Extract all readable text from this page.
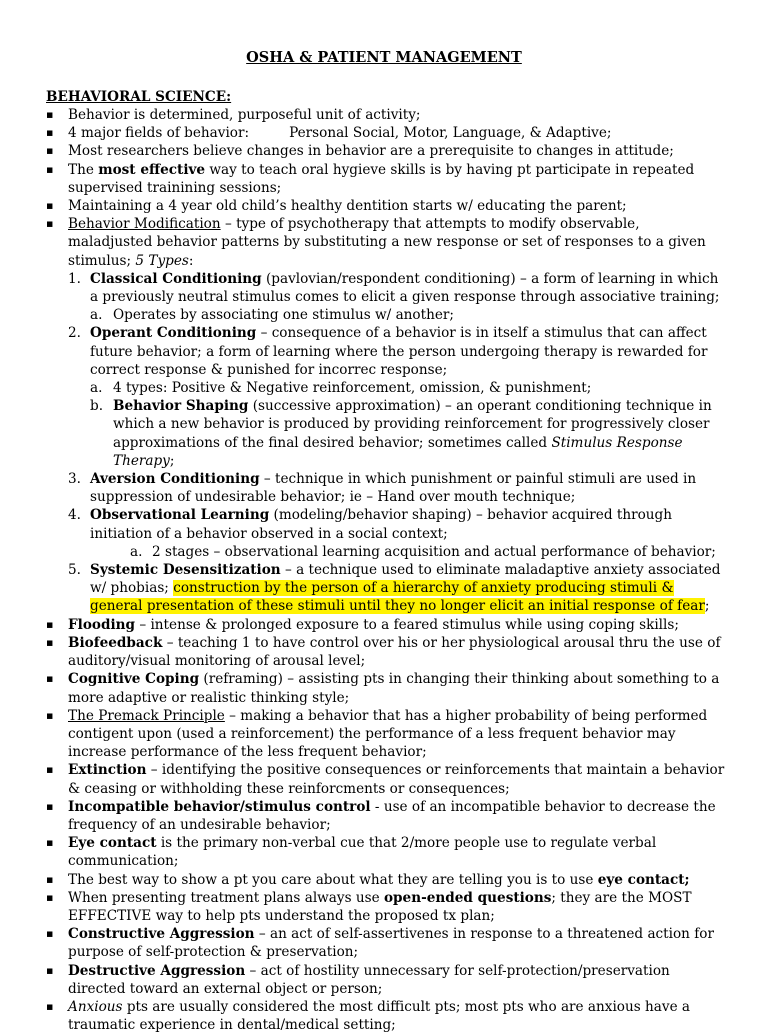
OSHA & PATIENT MANAGEMENT
BEHAVIORAL SCIENCE:
▪ Behavior is determined, purposeful unit of activity;
▪ 4 major fields of behavior:	Personal Social, Motor, Language, & Adaptive;
▪ Most researchers believe changes in behavior are a prerequisite to changes in attitude;
▪ The most effective way to teach oral hygieve skills is by having pt participate in repeated supervised trainining sessions;
▪ Maintaining a 4 year old child’s healthy dentition starts w/ educating the parent;
▪ Behavior Modification – type of psychotherapy that attempts to modify observable, maladjusted behavior patterns by substituting a new response or set of responses to a given stimulus; 5 Types:
1. Classical Conditioning (pavlovian/respondent conditioning) – a form of learning in which a previously neutral stimulus comes to elicit a given response through associative training;
a. Operates by associating one stimulus w/ another;
2. Operant Conditioning – consequence of a behavior is in itself a stimulus that can affect future behavior; a form of learning where the person undergoing therapy is rewarded for correct response & punished for incorrec response;
a. 4 types: Positive & Negative reinforcement, omission, & punishment;
b. Behavior Shaping (successive approximation) – an operant conditioning technique in which a new behavior is produced by providing reinforcement for progressively closer approximations of the final desired behavior; sometimes called Stimulus Response Therapy;
3. Aversion Conditioning – technique in which punishment or painful stimuli are used in suppression of undesirable behavior; ie – Hand over mouth technique;
4. Observational Learning (modeling/behavior shaping) – behavior acquired through initiation of a behavior observed in a social context;
a. 2 stages – observational learning acquisition and actual performance of behavior;
5. Systemic Desensitization – a technique used to eliminate maladaptive anxiety associated w/ phobias; construction by the person of a hierarchy of anxiety producing stimuli & general presentation of these stimuli until they no longer elicit an initial response of fear;
▪ Flooding – intense & prolonged exposure to a feared stimulus while using coping skills;
▪ Biofeedback – teaching 1 to have control over his or her physiological arousal thru the use of auditory/visual monitoring of arousal level;
▪ Cognitive Coping (reframing) – assisting pts in changing their thinking about something to a more adaptive or realistic thinking style;
▪ The Premack Principle – making a behavior that has a higher probability of being performed contigent upon (used a reinforcement) the performance of a less frequent behavior may increase performance of the less frequent behavior;
▪ Extinction – identifying the positive consequences or reinforcements that maintain a behavior & ceasing or withholding these reinforcments or consequences;
▪ Incompatible behavior/stimulus control - use of an incompatible behavior to decrease the frequency of an undesirable behavior;
▪ Eye contact is the primary non-verbal cue that 2/more people use to regulate verbal communication;
▪ The best way to show a pt you care about what they are telling you is to use eye contact;
▪ When presenting treatment plans always use open-ended questions; they are the MOST EFFECTIVE way to help pts understand the proposed tx plan;
▪ Constructive Aggression – an act of self-assertivenes in response to a threatened action for purpose of self-protection & preservation;
▪ Destructive Aggression – act of hostility unnecessary for self-protection/preservation directed toward an external object or person;
▪ Anxious pts are usually considered the most difficult pts; most pts who are anxious have a traumatic experience in dental/medical setting;
